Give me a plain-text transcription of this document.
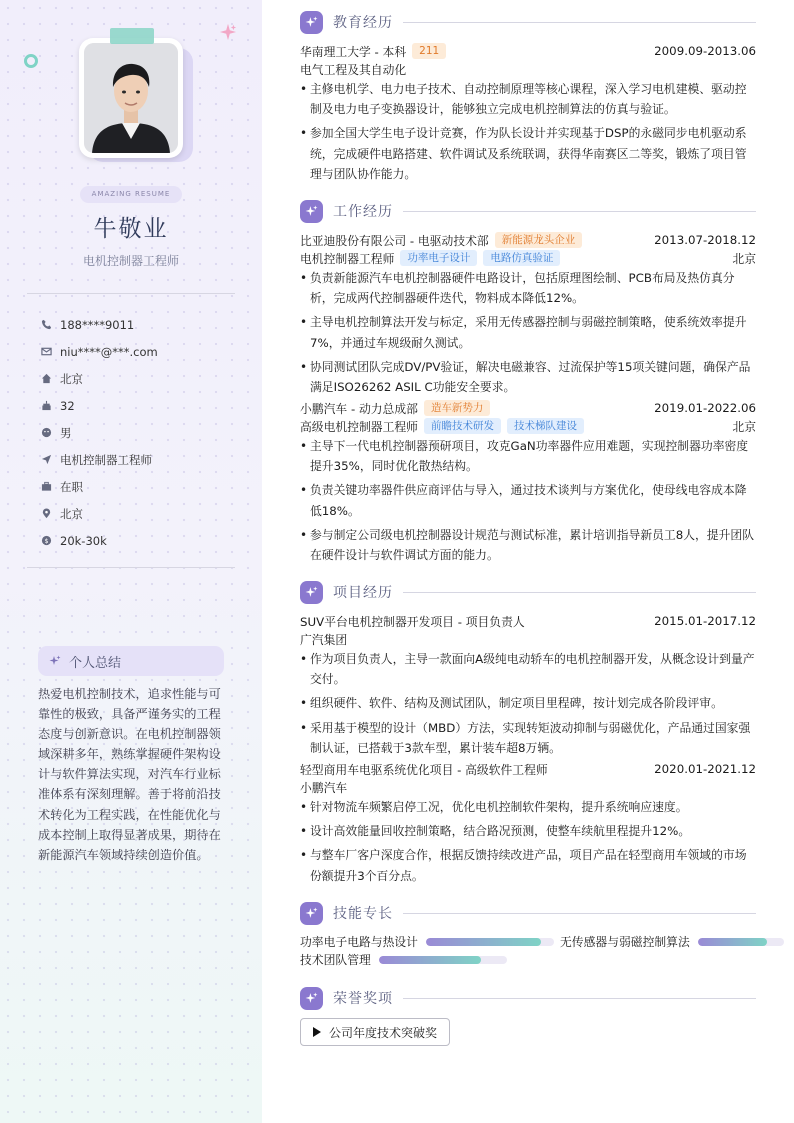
AMAZING RESUME
牛敬业
电机控制器工程师
188****9011
niu****@***.com
北京
32
男
电机控制器工程师
在职
北京
$ 20k-30k
个人总结
热爱电机控制技术，追求性能与可靠性的极致，具备严谨务实的工程态度与创新意识。在电机控制器领域深耕多年，熟练掌握硬件架构设计与软件算法实现，对汽车行业标准体系有深刻理解。善于将前沿技术转化为工程实践，在性能优化与成本控制上取得显著成果，期待在新能源汽车领域持续创造价值。
教育经历
华南理工大学 - 本科	211	2009.09-2013.06
电气工程及其自动化
• 主修电机学、电力电子技术、自动控制原理等核心课程，深入学习电机建模、驱动控制及电力电子变换器设计，能够独立完成电机控制算法的仿真与验证。
• 参加全国大学生电子设计竞赛，作为队长设计并实现基于DSP的永磁同步电机驱动系统，完成硬件电路搭建、软件调试及系统联调，获得华南赛区二等奖，锻炼了项目管理与团队协作能力。
工作经历
比亚迪股份有限公司 - 电驱动技术部	新能源龙头企业	2013.07-2018.12
电机控制器工程师	功率电子设计	电路仿真验证	北京
• 负责新能源汽车电机控制器硬件电路设计，包括原理图绘制、PCB布局及热仿真分析，完成两代控制器硬件迭代，物料成本降低12%。
• 主导电机控制算法开发与标定，采用无传感器控制与弱磁控制策略，使系统效率提升7%，并通过车规级耐久测试。
• 协同测试团队完成DV/PV验证，解决电磁兼容、过流保护等15项关键问题，确保产品满足ISO26262 ASIL C功能安全要求。
小鹏汽车 - 动力总成部	造车新势力	2019.01-2022.06
高级电机控制器工程师	前瞻技术研发	技术梯队建设	北京
• 主导下一代电机控制器预研项目，攻克GaN功率器件应用难题，实现控制器功率密度提升35%，同时优化散热结构。
• 负责关键功率器件供应商评估与导入，通过技术谈判与方案优化，使母线电容成本降低18%。
• 参与制定公司级电机控制器设计规范与测试标准，累计培训指导新员工8人，提升团队在硬件设计与软件调试方面的能力。
项目经历
SUV平台电机控制器开发项目 - 项目负责人	2015.01-2017.12
广汽集团
• 作为项目负责人，主导一款面向A级纯电动轿车的电机控制器开发，从概念设计到量产交付。
• 组织硬件、软件、结构及测试团队，制定项目里程碑，按计划完成各阶段评审。
• 采用基于模型的设计（MBD）方法，实现转矩波动抑制与弱磁优化，产品通过国家强制认证，已搭载于3款车型，累计装车超8万辆。
轻型商用车电驱系统优化项目 - 高级软件工程师	2020.01-2021.12
小鹏汽车
• 针对物流车频繁启停工况，优化电机控制软件架构，提升系统响应速度。
• 设计高效能量回收控制策略，结合路况预测，使整车续航里程提升12%。
• 与整车厂客户深度合作，根据反馈持续改进产品，项目产品在轻型商用车领域的市场份额提升3个百分点。
技能专长
功率电子电路与热设计	无传感器与弱磁控制算法
技术团队管理
荣誉奖项
公司年度技术突破奖
